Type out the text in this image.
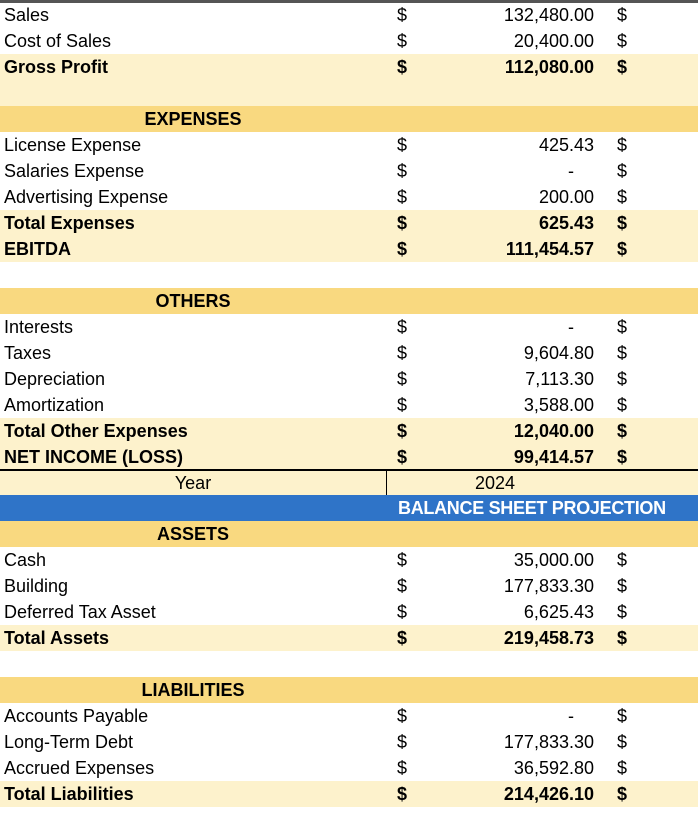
Sales	$	132,480.00 $
Cost of Sales	$	20,400.00 $
Gross Profit	$	112,080.00 $
EXPENSES
License Expense	$	425.43 $
Salaries Expense	$	-	$
Advertising Expense	$	200.00 $
Total Expenses	$	625.43 $
EBITDA	$	111,454.57 $
OTHERS
Interests	$	-	$
Taxes	$	9,604.80 $
Depreciation	$	7,113.30 $
Amortization	$	3,588.00 $
Total Other Expenses	$	12,040.00 $
NET INCOME (LOSS)	$	99,414.57 $
Year	2024
BALANCE SHEET PROJECTION
ASSETS
Cash	$	35,000.00 $
Building	$	177,833.30 $
Deferred Tax Asset	$	6,625.43 $
Total Assets	$	219,458.73 $
LIABILITIES
Accounts Payable	$	-	$
Long-Term Debt	$	177,833.30 $
Accrued Expenses	$	36,592.80 $
Total Liabilities	$	214,426.10 $
